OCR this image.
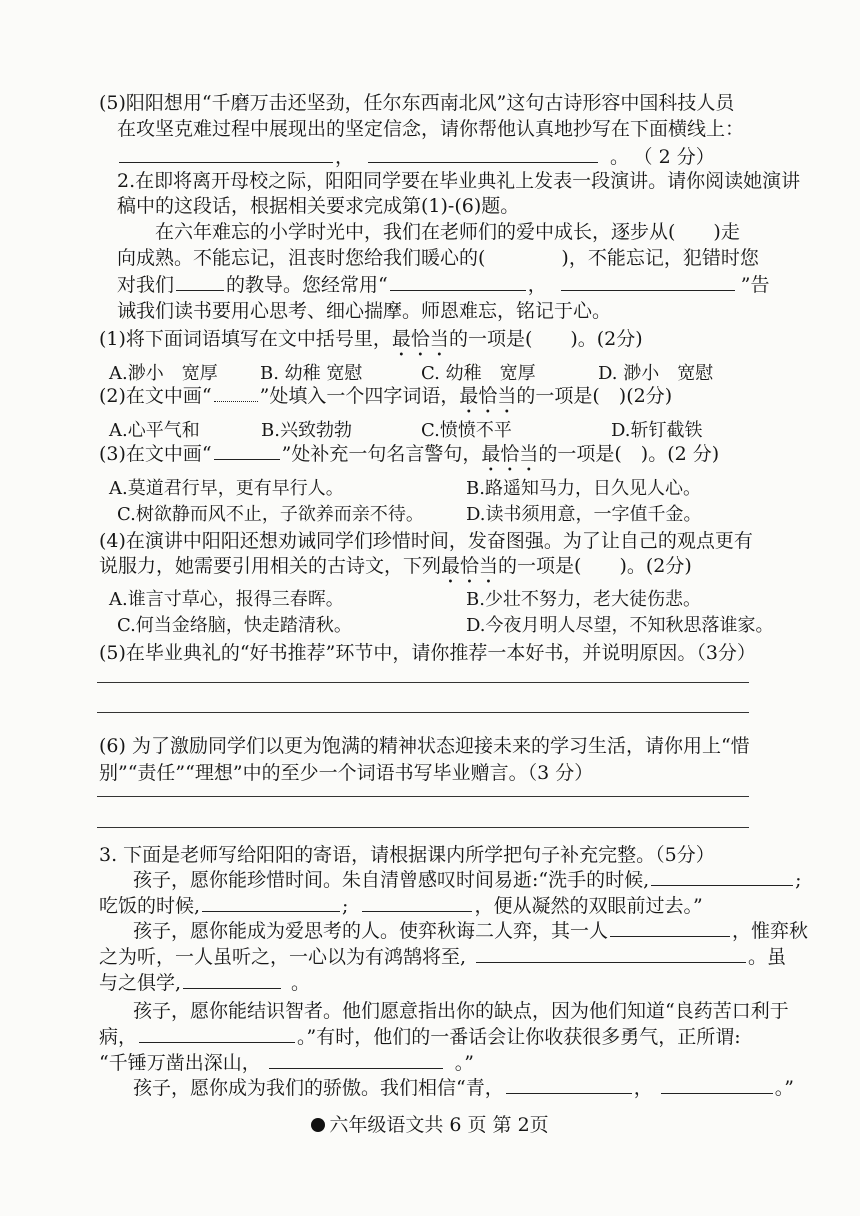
(5)阳阳想用“千磨万击还坚劲，任尔东西南北风”这句古诗形容中国科技人员
在攻坚克难过程中展现出的坚定信念，请你帮他认真地抄写在下面横线上：
，	。 （ 2 分）
2.在即将离开母校之际，阳阳同学要在毕业典礼上发表一段演讲。请你阅读她演讲
稿中的这段话，根据相关要求完成第(1)-(6)题。
在六年难忘的小学时光中，我们在老师们的爱中成长，逐步从(　　)走
向成熟。不能忘记，沮丧时您给我们暖心的(　　　　)，不能忘记，犯错时您
对我们	的教导。您经常用“	，	”告
诫我们读书要用心思考、细心揣摩。师恩难忘，铭记于心。
(1)将下面词语填写在文中括号里，最恰当的一项是(　　)。(2分)
A.渺小　宽厚 B. 幼稚 宽慰	C. 幼稚　宽厚	D. 渺小　宽慰
(2)在文中画“	”处填入一个四字词语，最恰当的一项是(　)(2分)
A.心平气和	B.兴致勃勃	C.愤愤不平	D.斩钉截铁
(3)在文中画“	”处补充一句名言警句，最恰当的一项是(　)。(2 分)
A.莫道君行早，更有早行人。	B.路遥知马力，日久见人心。
C.树欲静而风不止，子欲养而亲不待。 D.读书须用意，一字值千金。
(4)在演讲中阳阳还想劝诫同学们珍惜时间，发奋图强。为了让自己的观点更有
说服力，她需要引用相关的古诗文，下列最恰当的一项是(　　)。(2分)
A.谁言寸草心，报得三春晖。	B.少壮不努力，老大徒伤悲。
C.何当金络脑，快走踏清秋。	D.今夜月明人尽望，不知秋思落谁家。
(5)在毕业典礼的“好书推荐”环节中，请你推荐一本好书，并说明原因。（3分）
(6) 为了激励同学们以更为饱满的精神状态迎接未来的学习生活，请你用上“惜
别”“责任”“理想”中的至少一个词语书写毕业赠言。（3 分）
3. 下面是老师写给阳阳的寄语，请根据课内所学把句子补充完整。（5分）
孩子，愿你能珍惜时间。朱自清曾感叹时间易逝:“洗手的时候,	;
吃饭的时候,	;	，便从凝然的双眼前过去。”
孩子，愿你能成为爱思考的人。使弈秋诲二人弈，其一人	，惟弈秋
之为听，一人虽听之，一心以为有鸿鹄将至,	。虽
与之俱学,	。
孩子，愿你能结识智者。他们愿意指出你的缺点，因为他们知道“良药苦口利于
病，	。”有时，他们的一番话会让你收获很多勇气，正所谓:
“千锤万凿出深山，	。”
孩子，愿你成为我们的骄傲。我们相信“青，	，	。”
六年级语文共 6 页 第 2页
